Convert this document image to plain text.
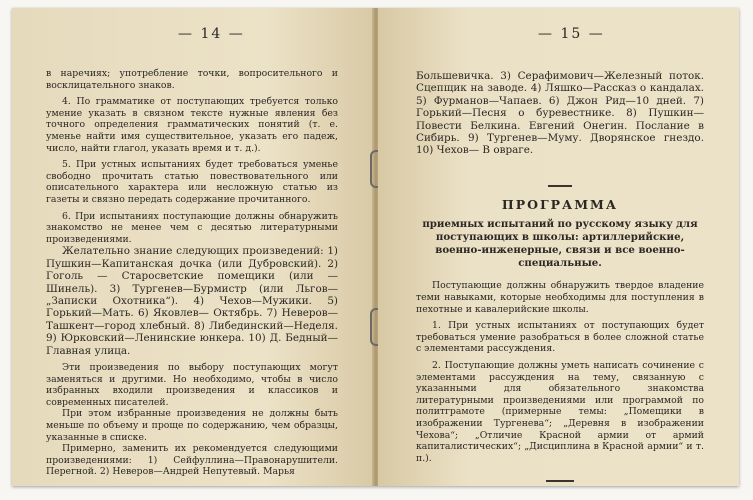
— 14 —

в наречиях; употребление точки, вопросительного и восклицательного знаков.

4. По грамматике от поступающих требуется только умение указать в связном тексте нужные явления без точного определения грамматических понятий (т. е. уменье найти имя существительное, указать его падеж, число, найти глагол, указать время и т. д.).

5. При устных испытаниях будет требоваться уменье свободно прочитать статью повествовательного или описательного характера или несложную статью из газеты и связно передать содержание прочитанного.

6. При испытаниях поступающие должны обнаружить знакомство не менее чем с десятью литературными произведениями.

Желательно знание следующих произведений: 1) Пушкин—Капитанская дочка (или Дубровский). 2) Гоголь — Старосветские помещики (или — Шинель). 3) Тургенев—Бурмистр (или Льгов—„Записки Охотника“). 4) Чехов—Мужики. 5) Горький—Мать. 6) Яковлев— Октябрь. 7) Неверов—Ташкент—город хлебный. 8) Либединский—Неделя. 9) Юрковский—Ленинские юнкера. 10) Д. Бедный— Главная улица.

Эти произведения по выбору поступающих могут заменяться и другими. Но необходимо, чтобы в число избранных входили произведения и классиков и современных писателей.

При этом избранные произведения не должны быть меньше по объему и проще по содержанию, чем образцы, указанные в списке.

Примерно, заменить их рекомендуется следующими произведениями: 1) Сейфуллина—Правонарушители. Перегной. 2) Неверов—Андрей Непутевый. Марья

— 15 —

Большевичка. 3) Серафимович—Железный поток. Сцепщик на заводе. 4) Ляшко—Рассказ о кандалах. 5) Фурманов—Чапаев. 6) Джон Рид—10 дней. 7) Горький—Песня о буревестнике. 8) Пушкин— Повести Белкина. Евгений Онегин. Послание в Сибирь. 9) Тургенев—Муму. Дворянское гнездо. 10) Чехов— В овраге.

ПРОГРАММА
приемных испытаний по русскому языку для поступающих в школы: артиллерийские, военно-инженерные, связи и все военно-специальные.

Поступающие должны обнаружить твердое владение теми навыками, которые необходимы для поступления в пехотные и кавалерийские школы.

1. При устных испытаниях от поступающих будет требоваться умение разобраться в более сложной статье с элементами рассуждения.

2. Поступающие должны уметь написать сочинение с элементами рассуждения на тему, связанную с указанными для обязательного знакомства литературными произведениями или программой по политграмоте (примерные темы: „Помещики в изображении Тургенева“; „Деревня в изображении Чехова“; „Отличие Красной армии от армий капиталистических“; „Дисциплина в Красной армии“ и т. п.).
